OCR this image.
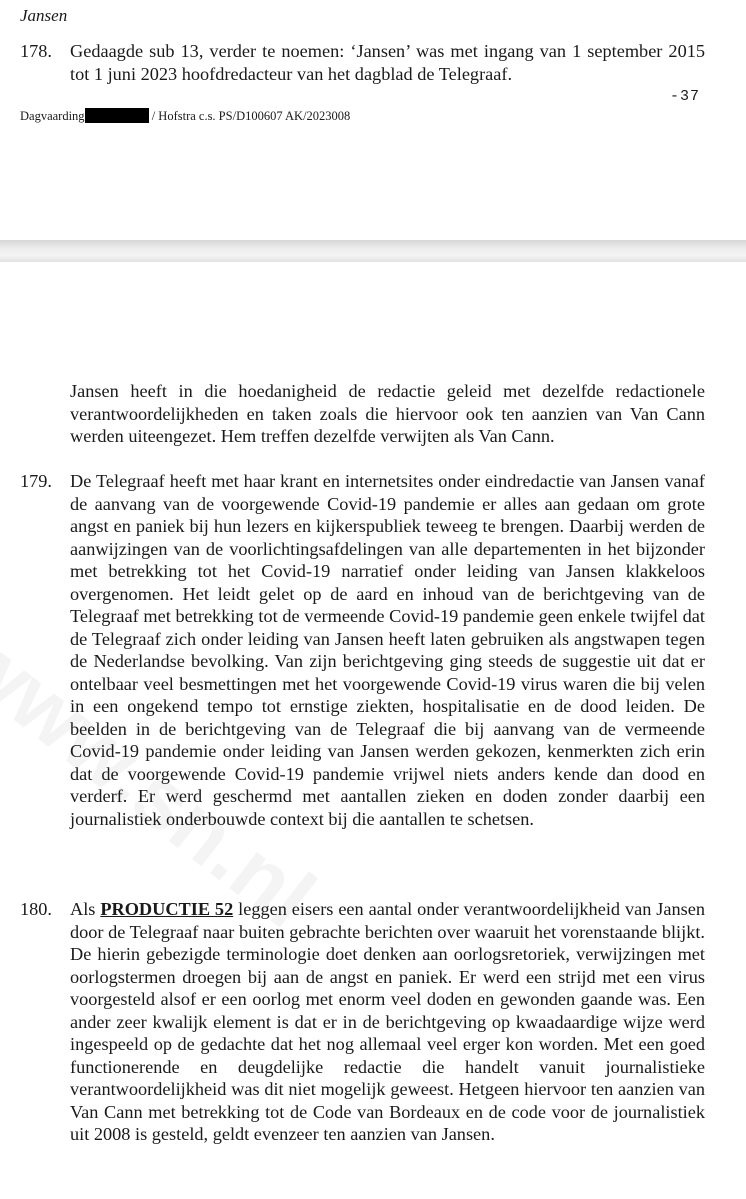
Jansen
178. Gedaagde sub 13, verder te noemen: ‘Jansen’ was met ingang van 1 september 2015 tot 1 juni 2023 hoofdredacteur van het dagblad de Telegraaf.

-37
Dagvaarding	/ Hofstra c.s. PS/D100607 AK/2023008

Jansen heeft in die hoedanigheid de redactie geleid met dezelfde redactionele verantwoordelijkheden en taken zoals die hiervoor ook ten aanzien van Van Cann werden uiteengezet. Hem treffen dezelfde verwijten als Van Cann.

179. De Telegraaf heeft met haar krant en internetsites onder eindredactie van Jansen vanaf de aanvang van de voorgewende Covid-19 pandemie er alles aan gedaan om grote angst en paniek bij hun lezers en kijkerspubliek teweeg te brengen. Daarbij werden de aanwijzingen van de voorlichtingsafdelingen van alle departementen in het bijzonder met betrekking tot het Covid-19 narratief onder leiding van Jansen klakkeloos overgenomen. Het leidt gelet op de aard en inhoud van de berichtgeving van de Telegraaf met betrekking tot de vermeende Covid-19 pandemie geen enkele twijfel dat de Telegraaf zich onder leiding van Jansen heeft laten gebruiken als angstwapen tegen de Nederlandse bevolking. Van zijn berichtgeving ging steeds de suggestie uit dat er ontelbaar veel besmettingen met het voorgewende Covid-19 virus waren die bij velen in een ongekend tempo tot ernstige ziekten, hospitalisatie en de dood leiden. De beelden in de berichtgeving van de Telegraaf die bij aanvang van de vermeende Covid-19 pandemie onder leiding van Jansen werden gekozen, kenmerkten zich erin dat de voorgewende Covid-19 pandemie vrijwel niets anders kende dan dood en verderf. Er werd geschermd met aantallen zieken en doden zonder daarbij een journalistiek onderbouwde context bij die aantallen te schetsen.

180. Als PRODUCTIE 52 leggen eisers een aantal onder verantwoordelijkheid van Jansen door de Telegraaf naar buiten gebrachte berichten over waaruit het vorenstaande blijkt. De hierin gebezigde terminologie doet denken aan oorlogsretoriek, verwijzingen met oorlogstermen droegen bij aan de angst en paniek. Er werd een strijd met een virus voorgesteld alsof er een oorlog met enorm veel doden en gewonden gaande was. Een ander zeer kwalijk element is dat er in de berichtgeving op kwaadaardige wijze werd ingespeeld op de gedachte dat het nog allemaal veel erger kon worden. Met een goed functionerende en deugdelijke redactie die handelt vanuit journalistieke verantwoordelijkheid was dit niet mogelijk geweest. Hetgeen hiervoor ten aanzien van Van Cann met betrekking tot de Code van Bordeaux en de code voor de journalistiek uit 2008 is gesteld, geldt evenzeer ten aanzien van Jansen.
